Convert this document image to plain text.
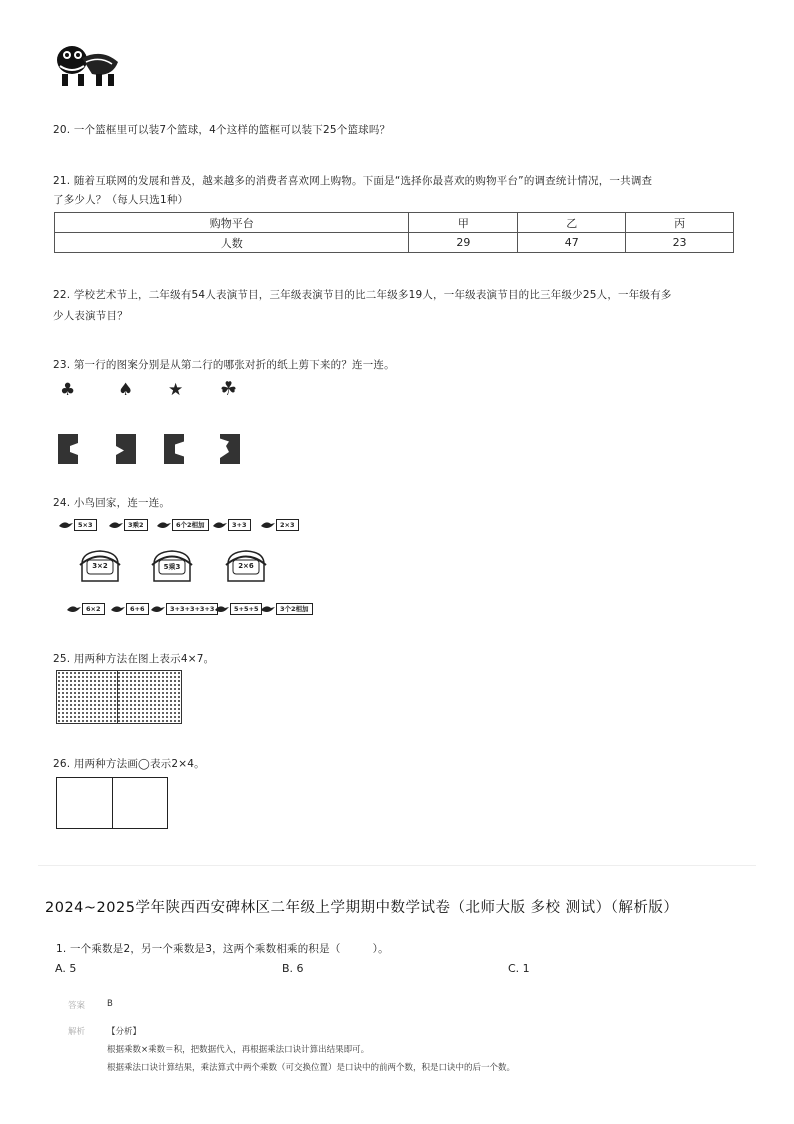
20. 一个篮框里可以装7个篮球，4个这样的篮框可以装下25个篮球吗？
21. 随着互联网的发展和普及，越来越多的消费者喜欢网上购物。下面是“选择你最喜欢的购物平台”的调查统计情况，一共调查
了多少人？（每人只选1种）
购物平台	甲	乙	丙
人数	29	47	23
22. 学校艺术节上，二年级有54人表演节目，三年级表演节目的比二年级多19人，一年级表演节目的比三年级少25人，一年级有多
少人表演节目？
23. 第一行的图案分别是从第二行的哪张对折的纸上剪下来的？连一连。
♣	♠ ★ ☘
24. 小鸟回家，连一连。
5×3	3乘2	6个2相加	3+3	2×3
3×2	5乘3	2×6
6×2	6+6	3+3+3+3+3	5+5+5	3个2相加
25. 用两种方法在图上表示4×7。
26. 用两种方法画◯表示2×4。
2024~2025学年陕西西安碑林区二年级上学期期中数学试卷（北师大版 多校 测试）（解析版）
1. 一个乘数是2，另一个乘数是3，这两个乘数相乘的积是（　　　）。
A. 5	B. 6	C. 1
答案	B
解析	【分析】
根据乘数×乘数＝积，把数据代入，再根据乘法口诀计算出结果即可。
根据乘法口诀计算结果，乘法算式中两个乘数（可交换位置）是口诀中的前两个数，积是口诀中的后一个数。
